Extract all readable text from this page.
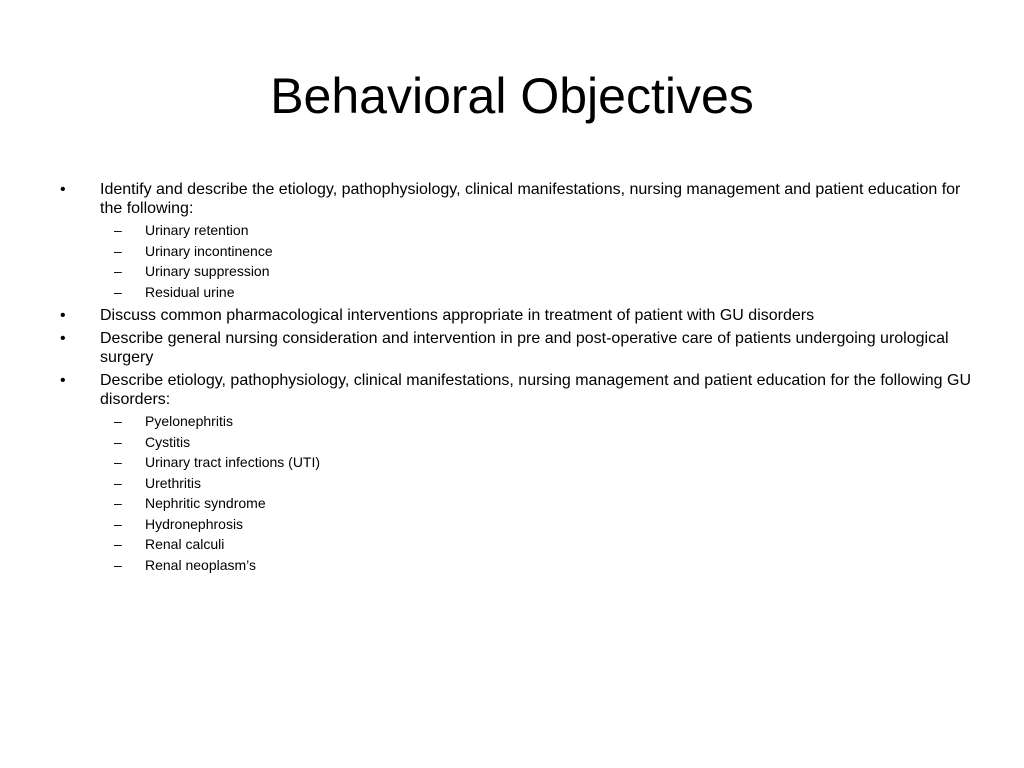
Behavioral Objectives
•	Identify and describe the etiology, pathophysiology, clinical manifestations, nursing management and patient education for the following:
– Urinary retention
– Urinary incontinence
– Urinary suppression
– Residual urine
•	Discuss common pharmacological interventions appropriate in treatment of patient with GU disorders
•	Describe general nursing consideration and intervention in pre and post-operative care of patients undergoing urological surgery
•	Describe etiology, pathophysiology, clinical manifestations, nursing management and patient education for the following GU disorders:
– Pyelonephritis
– Cystitis
– Urinary tract infections (UTI)
– Urethritis
– Nephritic syndrome
– Hydronephrosis
– Renal calculi
– Renal neoplasm’s
